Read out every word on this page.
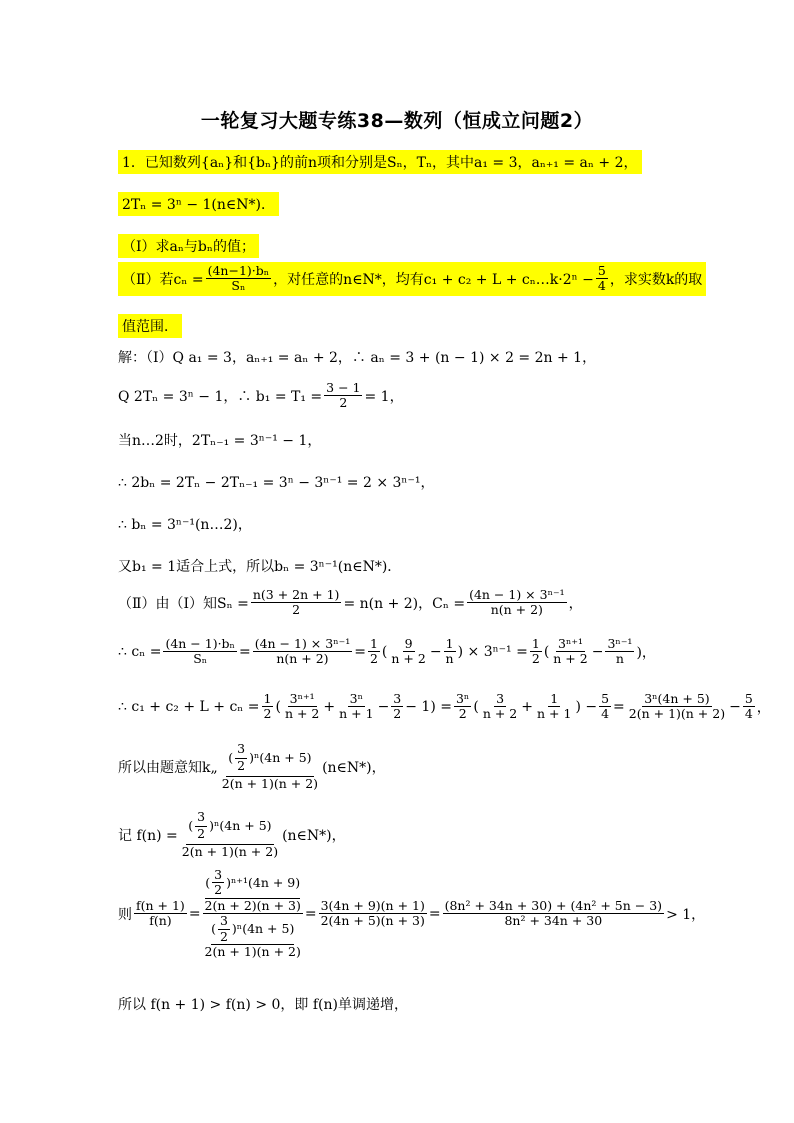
一轮复习大题专练38—数列（恒成立问题2）
1．已知数列{aₙ}和{bₙ}的前n项和分别是Sₙ，Tₙ，其中a₁ = 3，aₙ₊₁ = aₙ + 2，
2Tₙ = 3ⁿ − 1(n∈N*)．
（Ⅰ）求aₙ与bₙ的值；
（Ⅱ）若$c_n = \frac{\text{(4n−1)·bₙ}}{\text{Sₙ}}$ ，对任意的n∈N*，均有c₁ + c₂ + L + cₙ…k·2ⁿ − $\frac{5}{4}$ ，求实数k的取
值范围．
解：（Ⅰ）Q a₁ = 3，aₙ₊₁ = aₙ + 2，∴ aₙ = 3 + (n − 1) × 2 = 2n + 1，
Q 2Tₙ = 3ⁿ − 1，∴ $b_1 = T_1 = \frac{3 - 1}{2} = 1$，
当n…2时，2Tₙ₋₁ = 3ⁿ⁻¹ − 1，
∴ 2bₙ = 2Tₙ − 2Tₙ₋₁ = 3ⁿ − 3ⁿ⁻¹ = 2 × 3ⁿ⁻¹，
∴ bₙ = 3ⁿ⁻¹(n…2)，
又b₁ = 1适合上式，所以bₙ = 3ⁿ⁻¹(n∈N*)．
（Ⅱ）由（Ⅰ）知$S_n = \frac{n(3 + 2n + 1)}{2} = n(n + 2)$，$C_n = \frac{\text{(4n − 1) × 3ⁿ⁻¹}}{n(n + 2)}$ ，
∴ $c_n = \frac{\text{(4n − 1)·bₙ}}{\text{Sₙ}} = \frac{\text{(4n − 1) × 3ⁿ⁻¹}}{n(n + 2)} = \frac{1}{2}$ ( $\frac{9}{n + 2} - \frac{1}{n}$ ) × $3^{n-1} = \frac{1}{2}$ ( $\frac{\text{3ⁿ⁺¹}}{n + 2} - \frac{\text{3ⁿ⁻¹}}{n}$ )，
∴ $c_1 + c_2 + L + c_n = \frac{1}{2}$ ( $\frac{\text{3ⁿ⁺¹}}{n + 2} + \frac{\text{3ⁿ}}{n + 1} - \frac{3}{2} - 1) = \frac{\text{3ⁿ}}{2}$ ( $\frac{3}{n + 2} + \frac{1}{n + 1}$ ) − $\frac{5}{4} = \frac{\text{3ⁿ(4n + 5)}}{2(n + 1)(n + 2)} - \frac{5}{4}$ ，
所以由题意知k„ $\frac{( \frac{3}{2} )^n(4n + 5)}{2(n + 1)(n + 2)}$ (n∈N*)，
记 $f(n) = \frac{( \frac{3}{2} )^n(4n + 5)}{2(n + 1)(n + 2)}$ (n∈N*)，
则 $\frac{f(n + 1)}{f(n)} = \frac{\frac{( \frac{3}{2} )^{n+1}(4n + 9)}{2(n + 2)(n + 3)}}{\frac{( \frac{3}{2} )^n(4n + 5)}{2(n + 1)(n + 2)}} = \frac{3(4n + 9)(n + 1)}{2(4n + 5)(n + 3)} = \frac{\text{(8n² + 34n + 30) + (4n² + 5n − 3)}}{\text{8n² + 34n + 30}} > 1$，
所以 f(n + 1) > f(n) > 0，即 f(n)单调递增，
